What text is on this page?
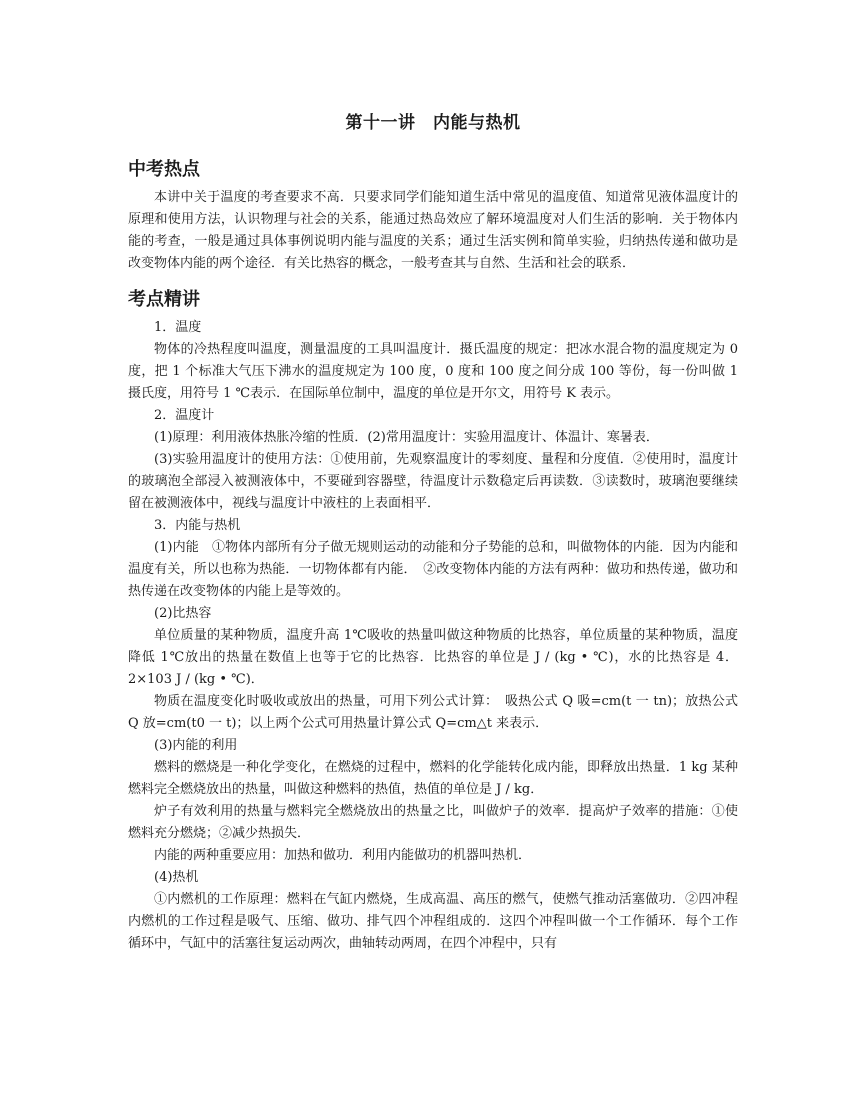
第十一讲　内能与热机
中考热点

本讲中关于温度的考查要求不高．只要求同学们能知道生活中常见的温度值、知道常见液体温度计的原理和使用方法，认识物理与社会的关系，能通过热岛效应了解环境温度对人们生活的影响．关于物体内能的考查，一般是通过具体事例说明内能与温度的关系；通过生活实例和简单实验，归纳热传递和做功是改变物体内能的两个途径．有关比热容的概念，一般考查其与自然、生活和社会的联系．

考点精讲

1．温度

物体的冷热程度叫温度，测量温度的工具叫温度计．摄氏温度的规定：把冰水混合物的温度规定为 0 度，把 1 个标准大气压下沸水的温度规定为 100 度，0 度和 100 度之间分成 100 等份，每一份叫做 1 摄氏度，用符号 1 ℃表示．在国际单位制中，温度的单位是开尔文，用符号 K 表示。

2．温度计

(1)原理：利用液体热胀冷缩的性质．(2)常用温度计：实验用温度计、体温计、寒暑表．

(3)实验用温度计的使用方法：①使用前，先观察温度计的零刻度、量程和分度值．②使用时，温度计的玻璃泡全部浸入被测液体中，不要碰到容器壁，待温度计示数稳定后再读数．③读数时，玻璃泡要继续留在被测液体中，视线与温度计中液柱的上表面相平．

3．内能与热机

(1)内能　①物体内部所有分子做无规则运动的动能和分子势能的总和，叫做物体的内能．因为内能和温度有关，所以也称为热能．一切物体都有内能．　②改变物体内能的方法有两种：做功和热传递，做功和热传递在改变物体的内能上是等效的。

(2)比热容

单位质量的某种物质，温度升高 1℃吸收的热量叫做这种物质的比热容，单位质量的某种物质，温度降低 1℃放出的热量在数值上也等于它的比热容．比热容的单位是 J / (kg • ℃)，水的比热容是 4．2×103 J / (kg • ℃)．

物质在温度变化时吸收或放出的热量，可用下列公式计算：　吸热公式 Q 吸=cm(t 一 tn)；放热公式 Q 放=cm(t0 一 t)；以上两个公式可用热量计算公式 Q=cm△t 来表示．

(3)内能的利用

燃料的燃烧是一种化学变化，在燃烧的过程中，燃料的化学能转化成内能，即释放出热量．1 kg 某种燃料完全燃烧放出的热量，叫做这种燃料的热值，热值的单位是 J / kg．

炉子有效利用的热量与燃料完全燃烧放出的热量之比，叫做炉子的效率．提高炉子效率的措施：①使燃料充分燃烧；②减少热损失．

内能的两种重要应用：加热和做功．利用内能做功的机器叫热机．

(4)热机

①内燃机的工作原理：燃料在气缸内燃烧，生成高温、高压的燃气，使燃气推动活塞做功．②四冲程内燃机的工作过程是吸气、压缩、做功、排气四个冲程组成的．这四个冲程叫做一个工作循环．每个工作循环中，气缸中的活塞往复运动两次，曲轴转动两周，在四个冲程中，只有
